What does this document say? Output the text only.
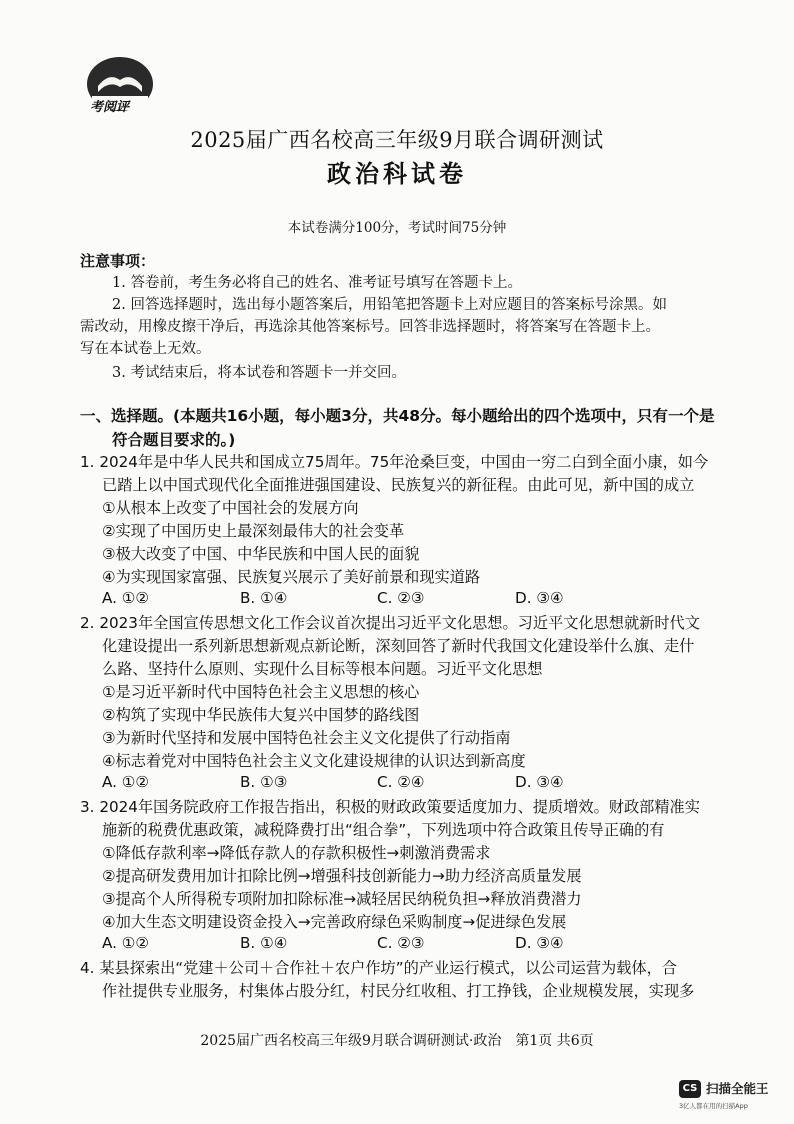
考阅评
2025届广西名校高三年级9月联合调研测试
政治科试卷
本试卷满分100分，考试时间75分钟
注意事项：
1. 答卷前，考生务必将自己的姓名、准考证号填写在答题卡上。
2. 回答选择题时，选出每小题答案后，用铅笔把答题卡上对应题目的答案标号涂黑。如
需改动，用橡皮擦干净后，再选涂其他答案标号。回答非选择题时，将答案写在答题卡上。
写在本试卷上无效。
3. 考试结束后，将本试卷和答题卡一并交回。
一、选择题。(本题共16小题，每小题3分，共48分。每小题给出的四个选项中，只有一个是
符合题目要求的。)
1. 2024年是中华人民共和国成立75周年。75年沧桑巨变，中国由一穷二白到全面小康，如今
已踏上以中国式现代化全面推进强国建设、民族复兴的新征程。由此可见，新中国的成立
①从根本上改变了中国社会的发展方向
②实现了中国历史上最深刻最伟大的社会变革
③极大改变了中国、中华民族和中国人民的面貌
④为实现国家富强、民族复兴展示了美好前景和现实道路
A. ①②	B. ①④	C. ②③	D. ③④
2. 2023年全国宣传思想文化工作会议首次提出习近平文化思想。习近平文化思想就新时代文
化建设提出一系列新思想新观点新论断，深刻回答了新时代我国文化建设举什么旗、走什
么路、坚持什么原则、实现什么目标等根本问题。习近平文化思想
①是习近平新时代中国特色社会主义思想的核心
②构筑了实现中华民族伟大复兴中国梦的路线图
③为新时代坚持和发展中国特色社会主义文化提供了行动指南
④标志着党对中国特色社会主义文化建设规律的认识达到新高度
A. ①②	B. ①③	C. ②④	D. ③④
3. 2024年国务院政府工作报告指出，积极的财政政策要适度加力、提质增效。财政部精准实
施新的税费优惠政策，减税降费打出“组合拳”，下列选项中符合政策且传导正确的有
①降低存款利率→降低存款人的存款积极性→刺激消费需求
②提高研发费用加计扣除比例→增强科技创新能力→助力经济高质量发展
③提高个人所得税专项附加扣除标准→减轻居民纳税负担→释放消费潜力
④加大生态文明建设资金投入→完善政府绿色采购制度→促进绿色发展
A. ①②	B. ①④	C. ②③	D. ③④
4. 某县探索出“党建＋公司＋合作社＋农户作坊”的产业运行模式，以公司运营为载体，合
作社提供专业服务，村集体占股分红，村民分红收租、打工挣钱，企业规模发展，实现多
2025届广西名校高三年级9月联合调研测试·政治　第1页 共6页
CS 扫描全能王
3亿人都在用的扫描App
